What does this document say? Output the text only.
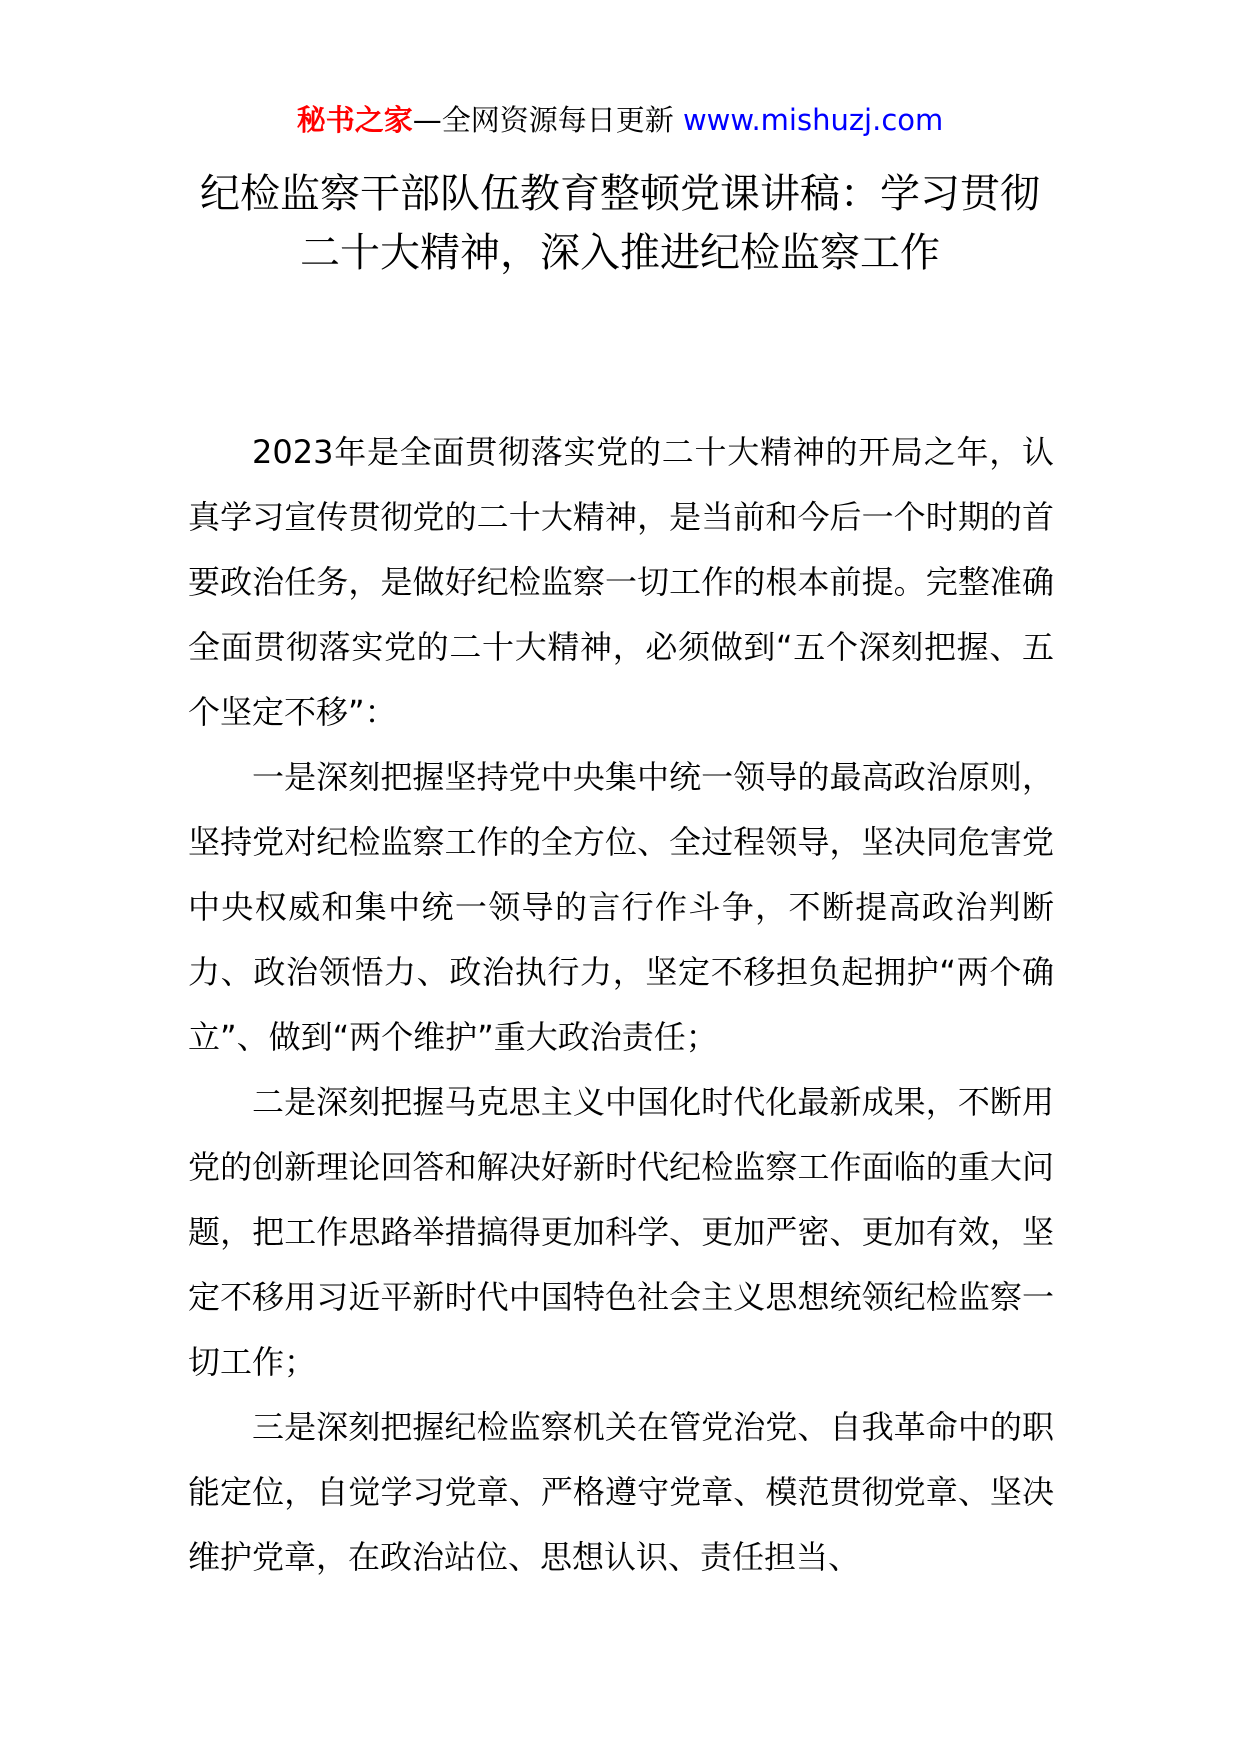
秘书之家—全网资源每日更新 www.mishuzj.com
纪检监察干部队伍教育整顿党课讲稿：学习贯彻二十大精神，深入推进纪检监察工作

2023年是全面贯彻落实党的二十大精神的开局之年，认真学习宣传贯彻党的二十大精神，是当前和今后一个时期的首要政治任务，是做好纪检监察一切工作的根本前提。完整准确全面贯彻落实党的二十大精神，必须做到“五个深刻把握、五个坚定不移”：

一是深刻把握坚持党中央集中统一领导的最高政治原则，坚持党对纪检监察工作的全方位、全过程领导，坚决同危害党中央权威和集中统一领导的言行作斗争，不断提高政治判断力、政治领悟力、政治执行力，坚定不移担负起拥护“两个确立”、做到“两个维护”重大政治责任；

二是深刻把握马克思主义中国化时代化最新成果，不断用党的创新理论回答和解决好新时代纪检监察工作面临的重大问题，把工作思路举措搞得更加科学、更加严密、更加有效，坚定不移用习近平新时代中国特色社会主义思想统领纪检监察一切工作；

三是深刻把握纪检监察机关在管党治党、自我革命中的职能定位，自觉学习党章、严格遵守党章、模范贯彻党章、坚决维护党章，在政治站位、思想认识、责任担当、
